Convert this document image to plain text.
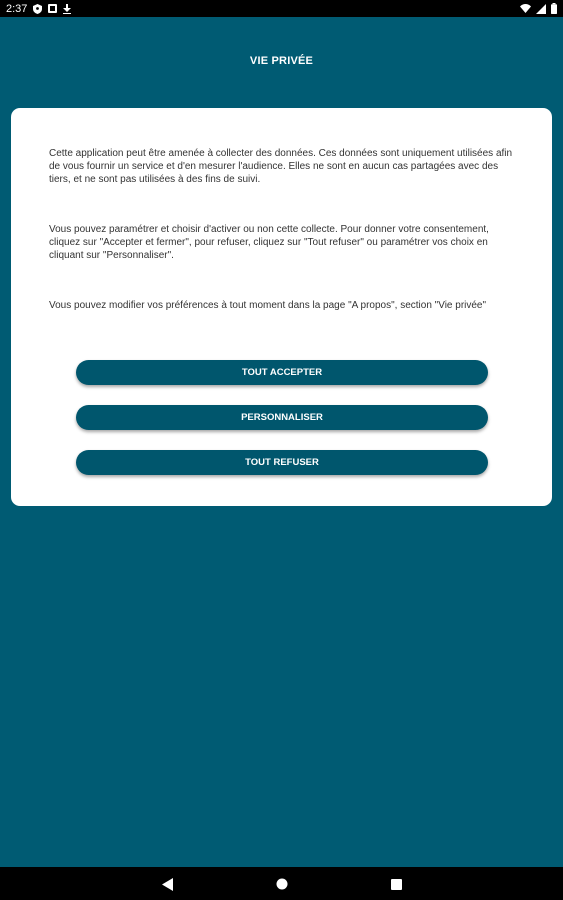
2:37
VIE PRIVÉE

Cette application peut être amenée à collecter des données. Ces données sont uniquement utilisées afin de vous fournir un service et d'en mesurer l'audience. Elles ne sont en aucun cas partagées avec des tiers, et ne sont pas utilisées à des fins de suivi.

Vous pouvez paramétrer et choisir d'activer ou non cette collecte. Pour donner votre consentement, cliquez sur "Accepter et fermer", pour refuser, cliquez sur "Tout refuser" ou paramétrer vos choix en cliquant sur "Personnaliser".

Vous pouvez modifier vos préférences à tout moment dans la page "A propos", section "Vie privée"

TOUT ACCEPTER
PERSONNALISER
TOUT REFUSER
